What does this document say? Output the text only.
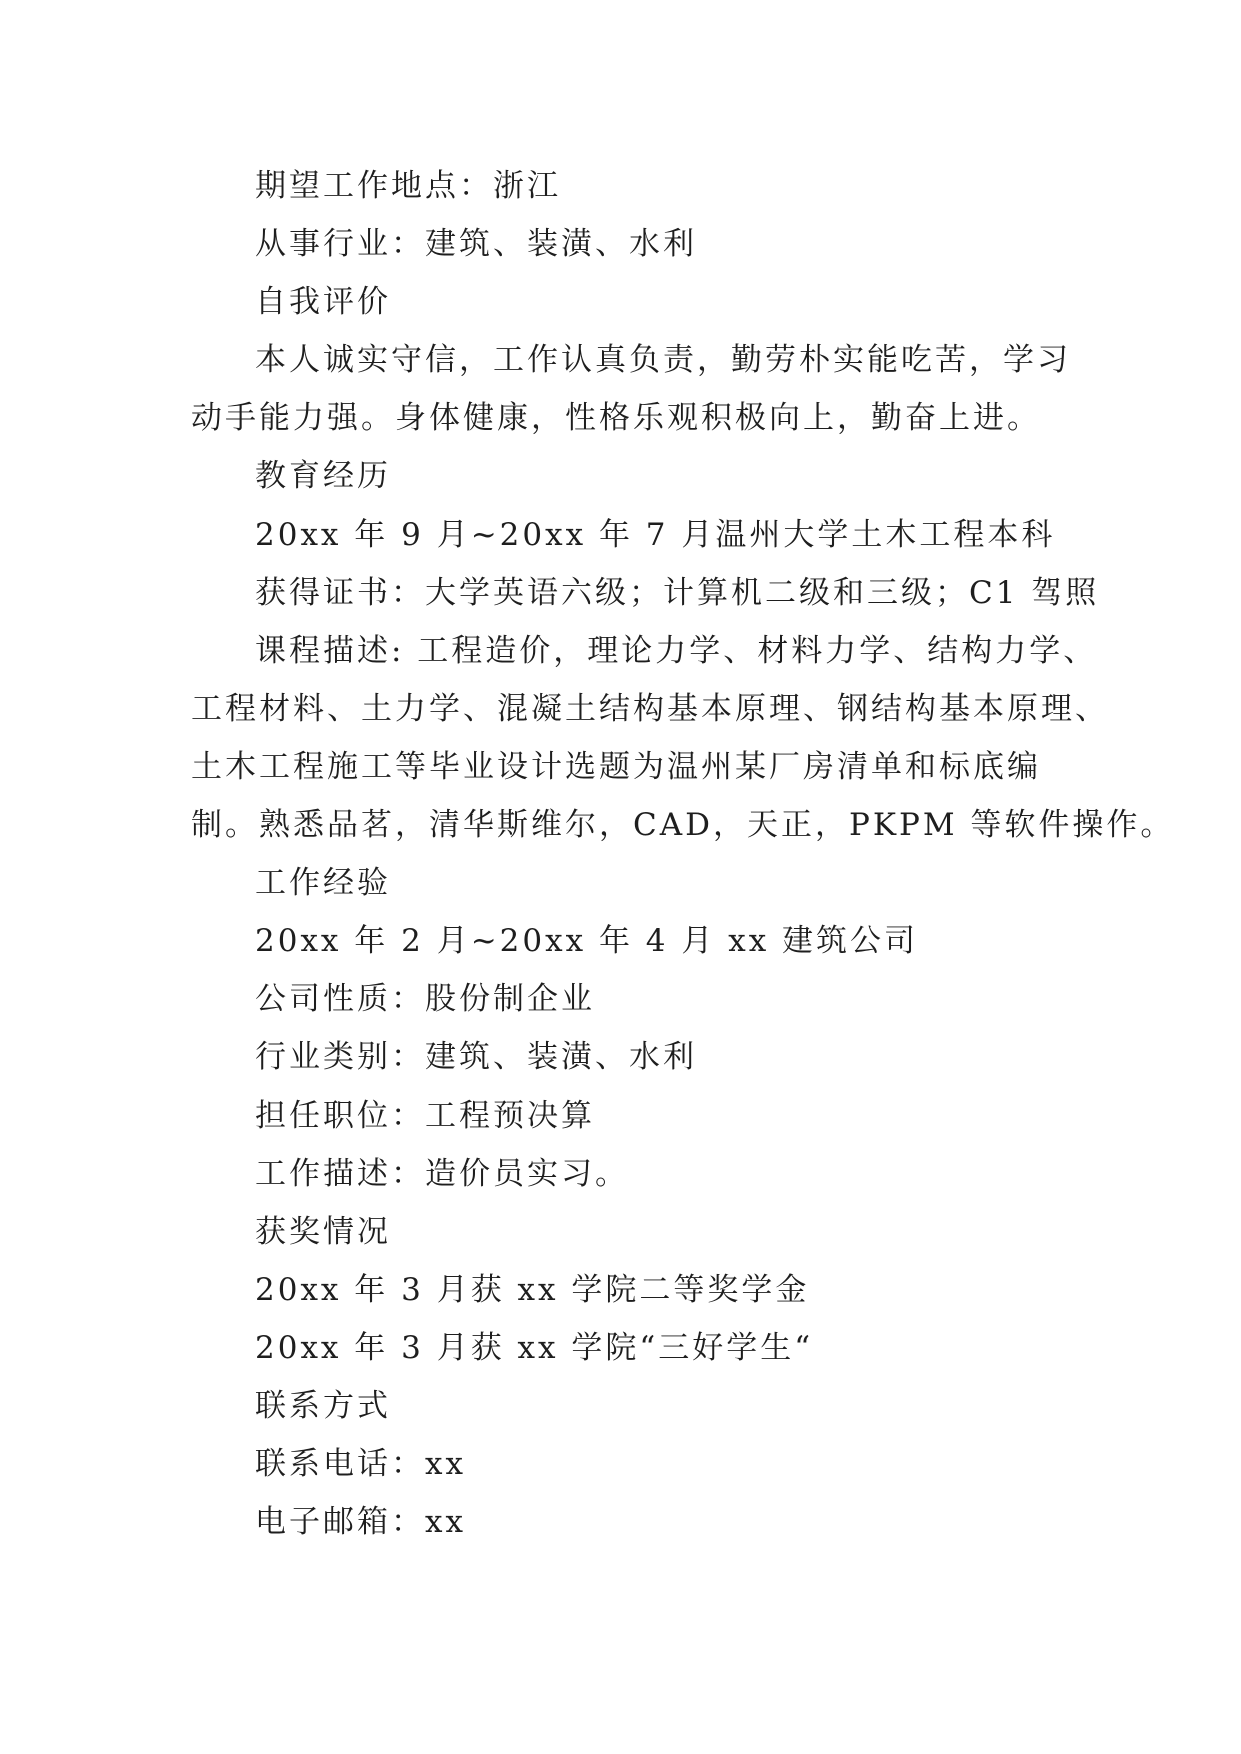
期望工作地点：浙江

从事行业：建筑、装潢、水利

自我评价

本人诚实守信，工作认真负责，勤劳朴实能吃苦，学习

动手能力强。身体健康，性格乐观积极向上，勤奋上进。

教育经历

20xx 年 9 月~20xx 年 7 月温州大学土木工程本科

获得证书：大学英语六级；计算机二级和三级；C1 驾照

课程描述: 工程造价，理论力学、材料力学、结构力学、

工程材料、土力学、混凝土结构基本原理、钢结构基本原理、

土木工程施工等毕业设计选题为温州某厂房清单和标底编

制。熟悉品茗，清华斯维尔，CAD，天正，PKPM 等软件操作。

工作经验

20xx 年 2 月~20xx 年 4 月 xx 建筑公司

公司性质：股份制企业

行业类别：建筑、装潢、水利

担任职位：工程预决算

工作描述：造价员实习。

获奖情况

20xx 年 3 月获 xx 学院二等奖学金

20xx 年 3 月获 xx 学院“三好学生“

联系方式

联系电话：xx

电子邮箱：xx
